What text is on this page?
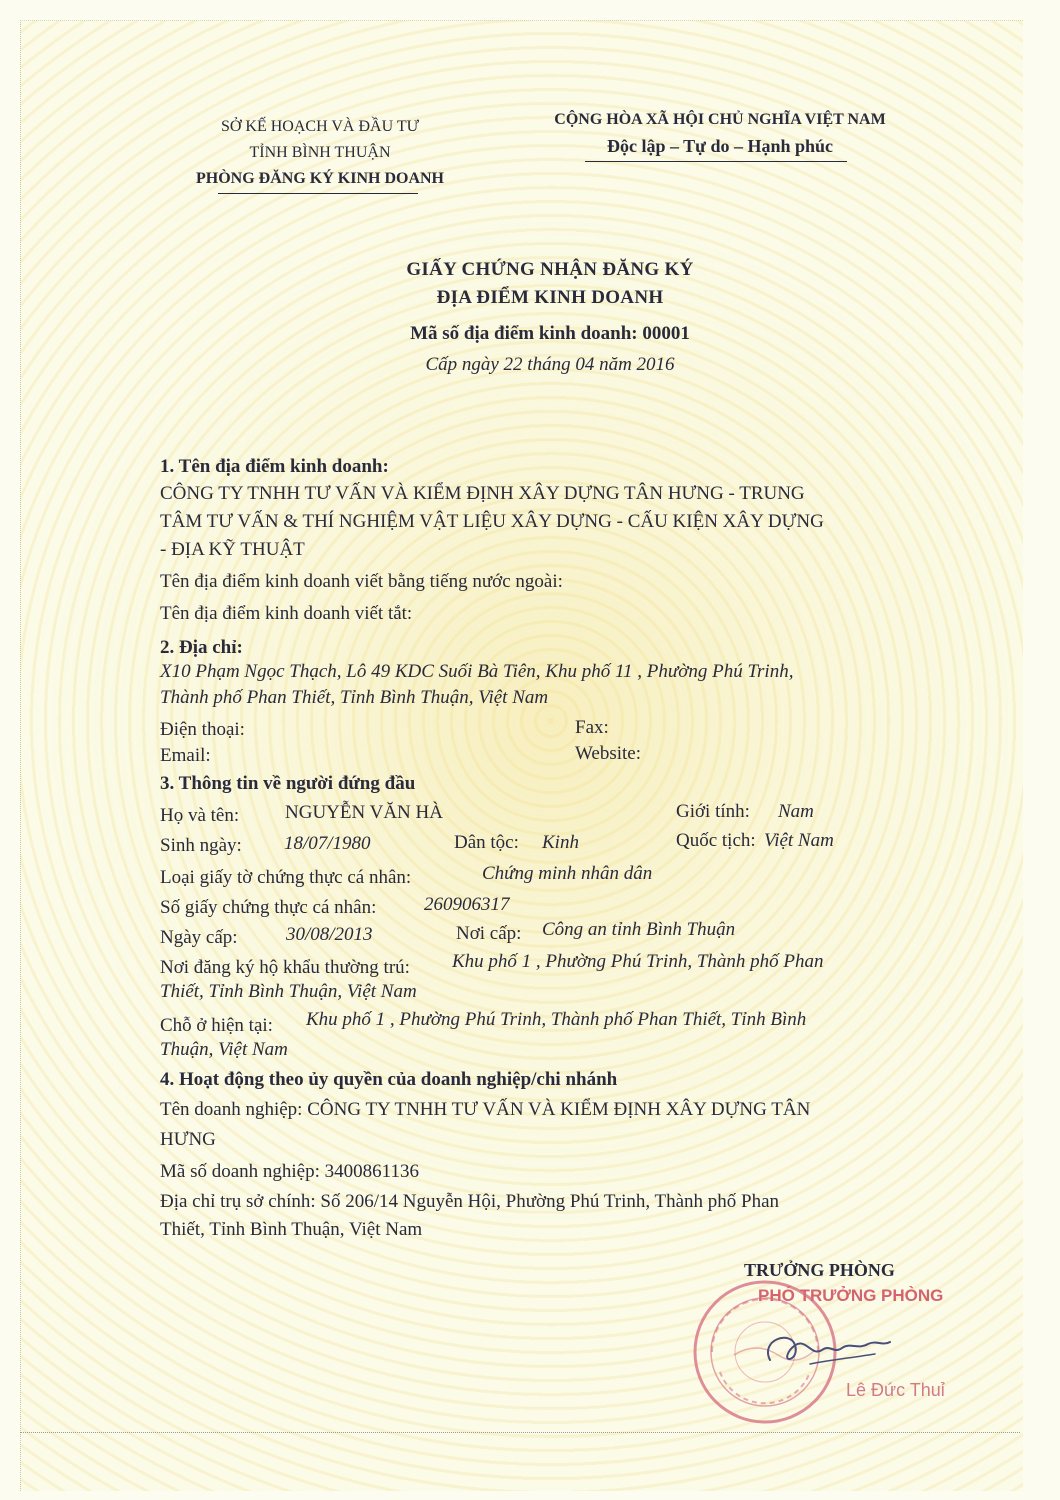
SỞ KẾ HOẠCH VÀ ĐẦU TƯ
TỈNH BÌNH THUẬN
PHÒNG ĐĂNG KÝ KINH DOANH
CỘNG HÒA XÃ HỘI CHỦ NGHĨA VIỆT NAM
Độc lập – Tự do – Hạnh phúc
GIẤY CHỨNG NHẬN ĐĂNG KÝ
ĐỊA ĐIỂM KINH DOANH
Mã số địa điểm kinh doanh: 00001
Cấp ngày 22 tháng 04 năm 2016
1. Tên địa điểm kinh doanh:
CÔNG TY TNHH TƯ VẤN VÀ KIỂM ĐỊNH XÂY DỰNG TÂN HƯNG - TRUNG
TÂM TƯ VẤN & THÍ NGHIỆM VẬT LIỆU XÂY DỰNG - CẤU KIỆN XÂY DỰNG
- ĐỊA KỸ THUẬT
Tên địa điểm kinh doanh viết bằng tiếng nước ngoài:
Tên địa điểm kinh doanh viết tắt:
2. Địa chỉ:
X10 Phạm Ngọc Thạch, Lô 49 KDC Suối Bà Tiên, Khu phố 11 , Phường Phú Trinh,
Thành phố Phan Thiết, Tỉnh Bình Thuận, Việt Nam
Điện thoại:	Fax:
Email:	Website:
3. Thông tin về người đứng đầu
Họ và tên: NGUYỄN VĂN HÀ	Giới tính: Nam
Sinh ngày: 18/07/1980	Dân tộc: Kinh	Quốc tịch: Việt Nam
Loại giấy tờ chứng thực cá nhân:	Chứng minh nhân dân
Số giấy chứng thực cá nhân:	260906317
Ngày cấp:	30/08/2013	Nơi cấp: Công an tỉnh Bình Thuận
Nơi đăng ký hộ khẩu thường trú: Khu phố 1 , Phường Phú Trinh, Thành phố Phan
Thiết, Tỉnh Bình Thuận, Việt Nam
Chỗ ở hiện tại: Khu phố 1 , Phường Phú Trinh, Thành phố Phan Thiết, Tỉnh Bình
Thuận, Việt Nam
4. Hoạt động theo ủy quyền của doanh nghiệp/chi nhánh
Tên doanh nghiệp: CÔNG TY TNHH TƯ VẤN VÀ KIỂM ĐỊNH XÂY DỰNG TÂN
HƯNG
Mã số doanh nghiệp: 3400861136
Địa chỉ trụ sở chính: Số 206/14 Nguyễn Hội, Phường Phú Trinh, Thành phố Phan
Thiết, Tỉnh Bình Thuận, Việt Nam
TRƯỞNG PHÒNG
PHÓ TRƯỞNG PHÒNG
Lê Đức Thuỉ
